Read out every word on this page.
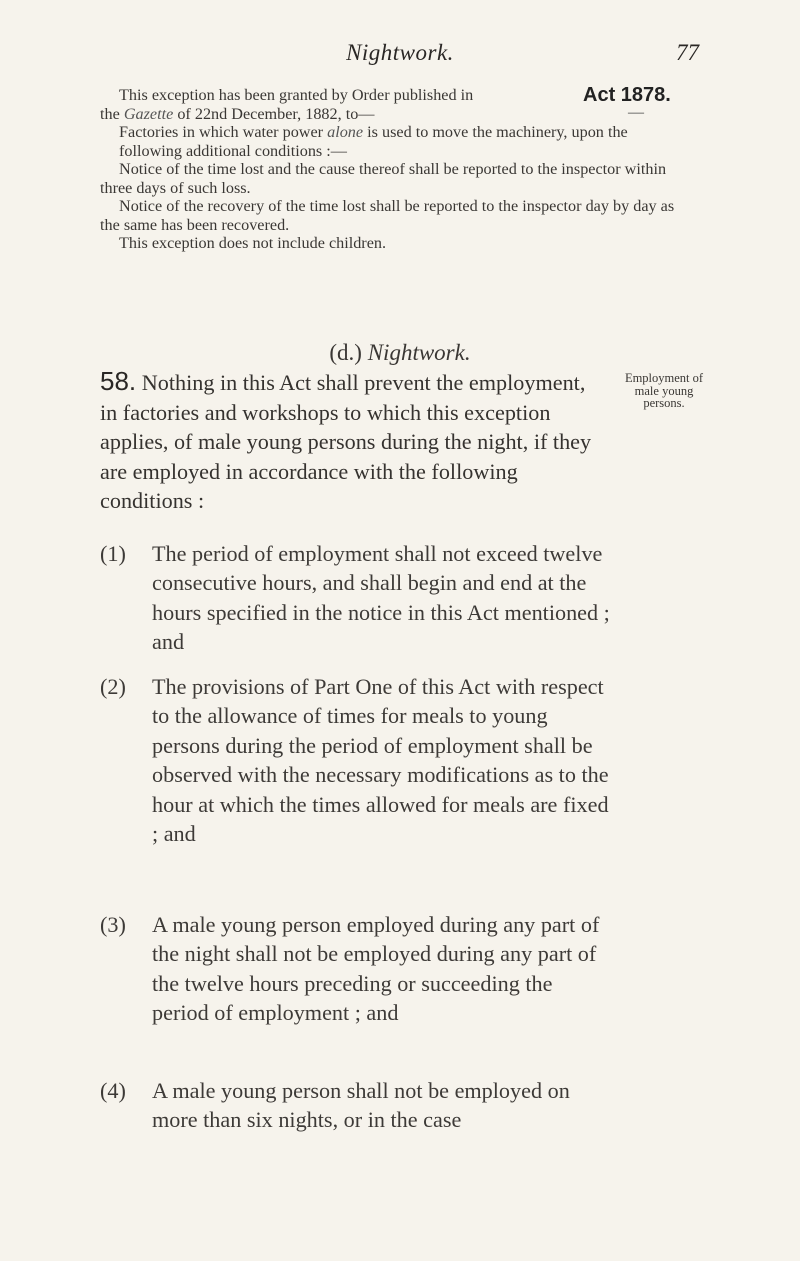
Nightwork.	77
Act 1878.
—

This exception has been granted by Order published in

the Gazette of 22nd December, 1882, to—

Factories in which water power alone is used to move the machinery, upon the following additional conditions :—

Notice of the time lost and the cause thereof shall be reported to the inspector within three days of such loss.

Notice of the recovery of the time lost shall be reported to the inspector day by day as the same has been recovered.

This exception does not include children.

(d.) Nightwork.

58. Nothing in this Act shall prevent the employment, in factories and workshops to which this exception applies, of male young persons during the night, if they are employed in accordance with the following conditions :

Employment of male young persons.
(1) The period of employment shall not exceed twelve consecutive hours, and shall begin and end at the hours specified in the notice in this Act mentioned ; and
(2) The provisions of Part One of this Act with respect to the allowance of times for meals to young persons during the period of employment shall be observed with the necessary modifications as to the hour at which the times allowed for meals are fixed ; and
(3) A male young person employed during any part of the night shall not be employed during any part of the twelve hours preceding or succeeding the period of employment ; and
(4) A male young person shall not be employed on more than six nights, or in the case
